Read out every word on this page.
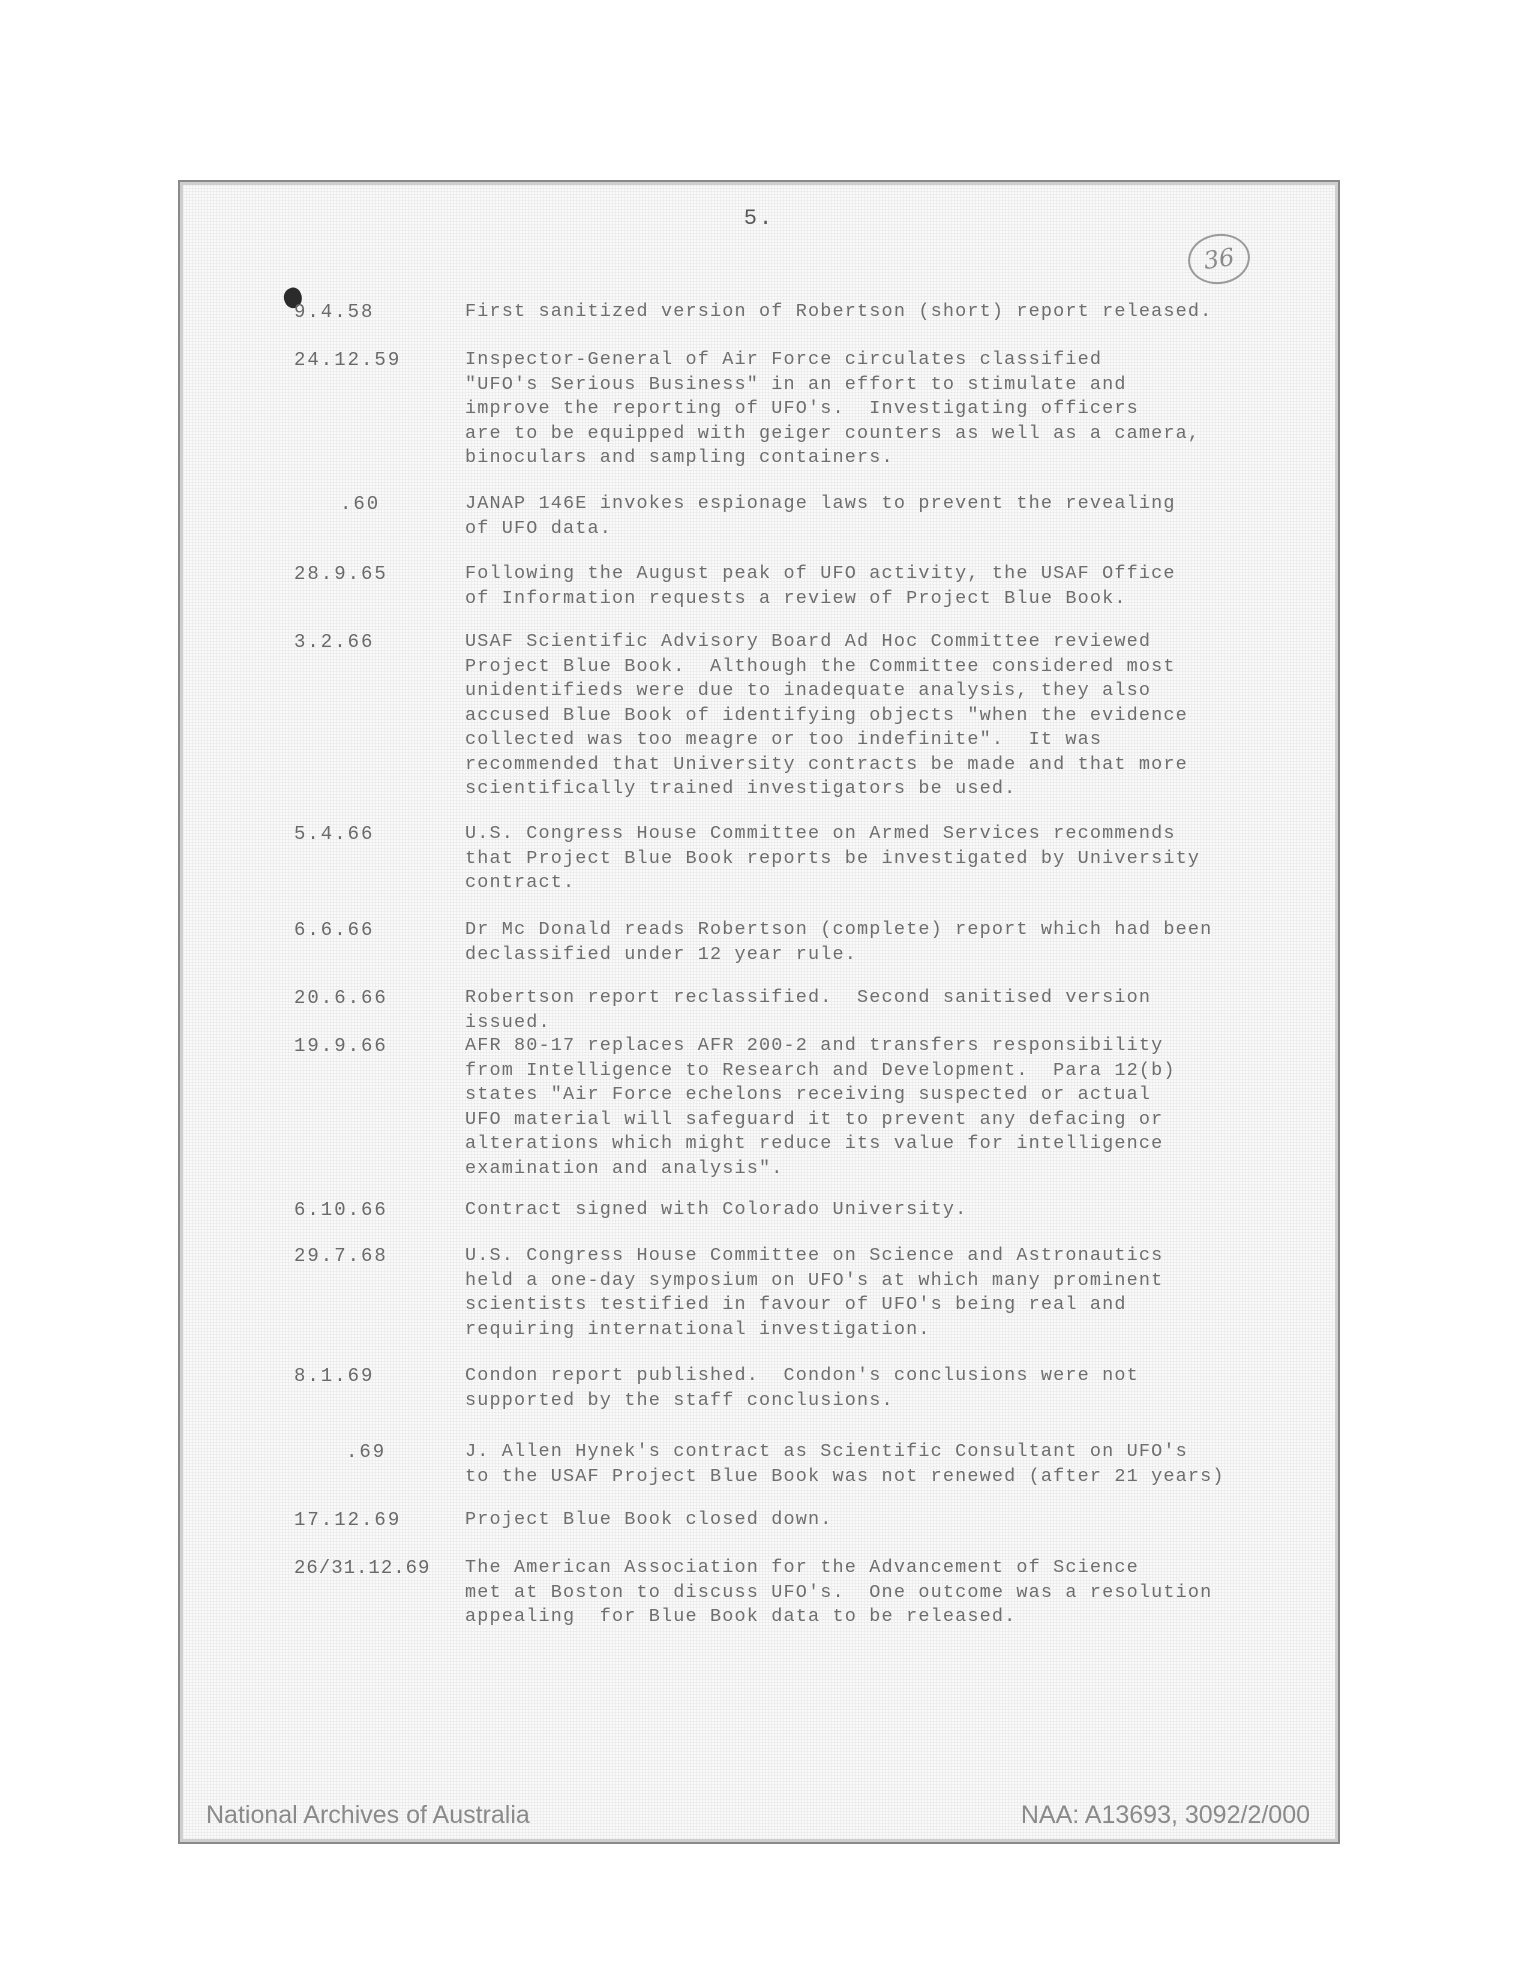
5.
36
9.4.58	First sanitized version of Robertson (short) report released.

24.12.59	Inspector-General of Air Force circulates classified
"UFO's Serious Business" in an effort to stimulate and
improve the reporting of UFO's.  Investigating officers
are to be equipped with geiger counters as well as a camera,
binoculars and sampling containers.

.60	JANAP 146E invokes espionage laws to prevent the revealing
of UFO data.

28.9.65	Following the August peak of UFO activity, the USAF Office
of Information requests a review of Project Blue Book.

3.2.66	USAF Scientific Advisory Board Ad Hoc Committee reviewed
Project Blue Book.  Although the Committee considered most
unidentifieds were due to inadequate analysis, they also
accused Blue Book of identifying objects "when the evidence
collected was too meagre or too indefinite".  It was
recommended that University contracts be made and that more
scientifically trained investigators be used.

5.4.66	U.S. Congress House Committee on Armed Services recommends
that Project Blue Book reports be investigated by University
contract.

6.6.66	Dr Mc Donald reads Robertson (complete) report which had been
declassified under 12 year rule.

20.6.66	Robertson report reclassified.  Second sanitised version
issued.

19.9.66	AFR 80-17 replaces AFR 200-2 and transfers responsibility
from Intelligence to Research and Development.  Para 12(b)
states "Air Force echelons receiving suspected or actual
UFO material will safeguard it to prevent any defacing or
alterations which might reduce its value for intelligence
examination and analysis".

6.10.66	Contract signed with Colorado University.

29.7.68	U.S. Congress House Committee on Science and Astronautics
held a one-day symposium on UFO's at which many prominent
scientists testified in favour of UFO's being real and
requiring international investigation.

8.1.69	Condon report published.  Condon's conclusions were not
supported by the staff conclusions.

.69	J. Allen Hynek's contract as Scientific Consultant on UFO's
to the USAF Project Blue Book was not renewed (after 21 years)

17.12.69	Project Blue Book closed down.

26/31.12.69 The American Association for the Advancement of Science
met at Boston to discuss UFO's.  One outcome was a resolution
appealing  for Blue Book data to be released.

National Archives of Australia	NAA: A13693, 3092/2/000
